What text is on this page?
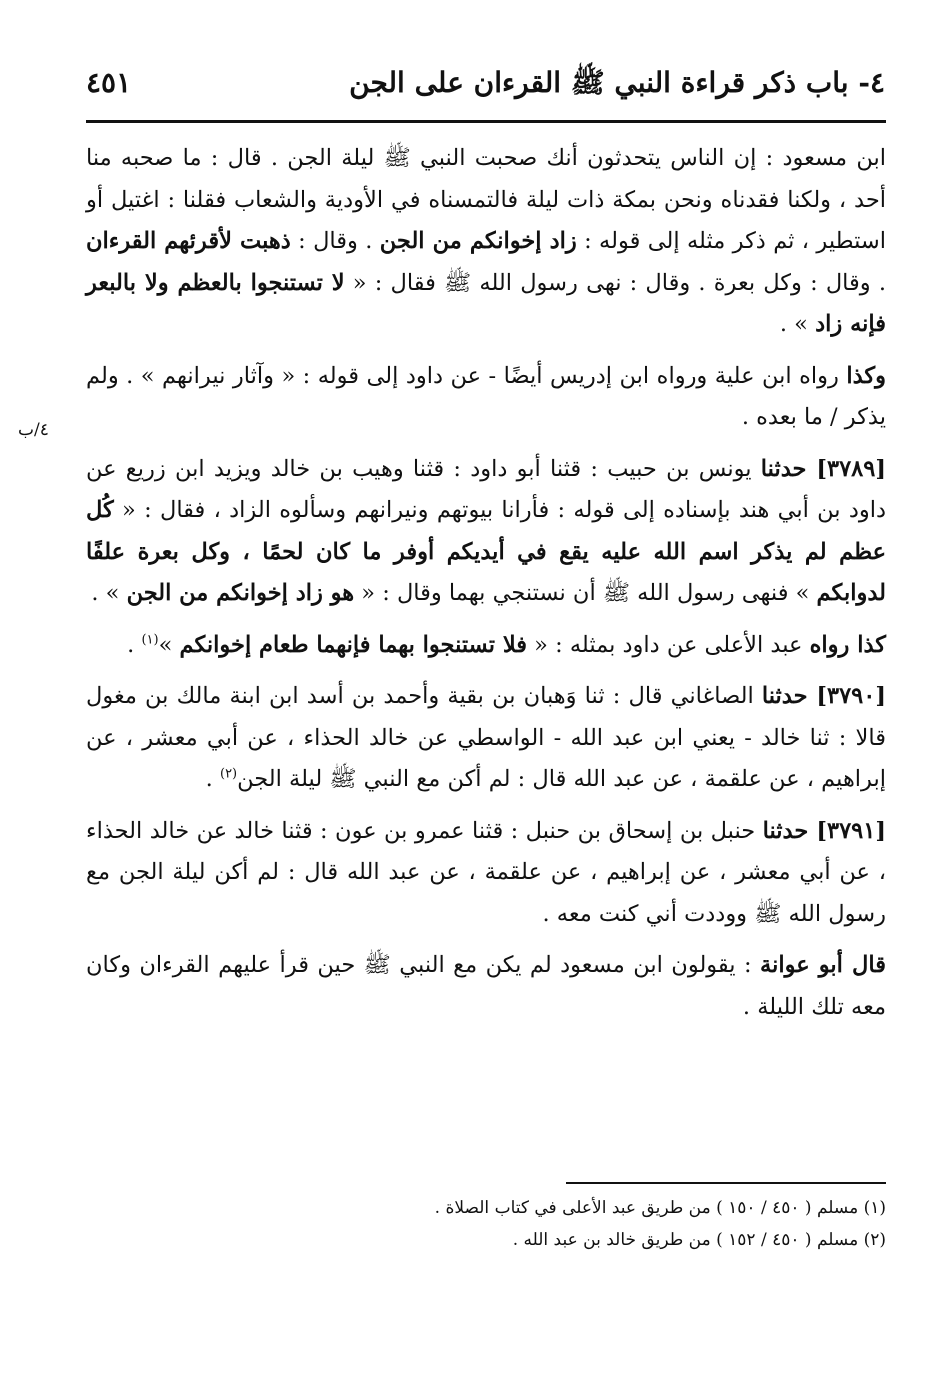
٤- باب ذكر قراءة النبي ﷺ القرءان على الجن
٤٥١
٤/ب

ابن مسعود : إن الناس يتحدثون أنك صحبت النبي ﷺ ليلة الجن . قال : ما صحبه منا أحد ، ولكنا فقدناه ونحن بمكة ذات ليلة فالتمسناه في الأودية والشعاب فقلنا : اغتيل أو استطير ، ثم ذكر مثله إلى قوله : زاد إخوانكم من الجن . وقال : ذهبت لأقرئهم القرءان . وقال : وكل بعرة . وقال : نهى رسول الله ﷺ فقال : « لا تستنجوا بالعظم ولا بالبعر فإنه زاد » .

وكذا رواه ابن علية ورواه ابن إدريس أيضًا - عن داود إلى قوله : « وآثار نيرانهم » . ولم يذكر / ما بعده .

[٣٧٨٩] حدثنا يونس بن حبيب : قثنا أبو داود : قثنا وهيب بن خالد ويزيد ابن زريع عن داود بن أبي هند بإسناده إلى قوله : فأرانا بيوتهم ونيرانهم وسألوه الزاد ، فقال : « كُل عظم لم يذكر اسم الله عليه يقع في أيديكم أوفر ما كان لحمًا ، وكل بعرة علفًا لدوابكم » فنهى رسول الله ﷺ أن نستنجي بهما وقال : « هو زاد إخوانكم من الجن » .

كذا رواه عبد الأعلى عن داود بمثله : « فلا تستنجوا بهما فإنهما طعام إخوانكم »$^{(١)}$ .

[٣٧٩٠] حدثنا الصاغاني قال : ثنا وَهبان بن بقية وأحمد بن أسد ابن ابنة مالك بن مغول قالا : ثنا خالد - يعني ابن عبد الله - الواسطي عن خالد الحذاء ، عن أبي معشر ، عن إبراهيم ، عن علقمة ، عن عبد الله قال : لم أكن مع النبي ﷺ ليلة الجن$^{(٢)}$ .

[٣٧٩١] حدثنا حنبل بن إسحاق بن حنبل : قثنا عمرو بن عون : قثنا خالد عن خالد الحذاء ، عن أبي معشر ، عن إبراهيم ، عن علقمة ، عن عبد الله قال : لم أكن ليلة الجن مع رسول الله ﷺ ووددت أني كنت معه .

قال أبو عوانة : يقولون ابن مسعود لم يكن مع النبي ﷺ حين قرأ عليهم القرءان وكان معه تلك الليلة .

(١) مسلم ( ٤٥٠ / ١٥٠ ) من طريق عبد الأعلى في كتاب الصلاة .

(٢) مسلم ( ٤٥٠ / ١٥٢ ) من طريق خالد بن عبد الله .
